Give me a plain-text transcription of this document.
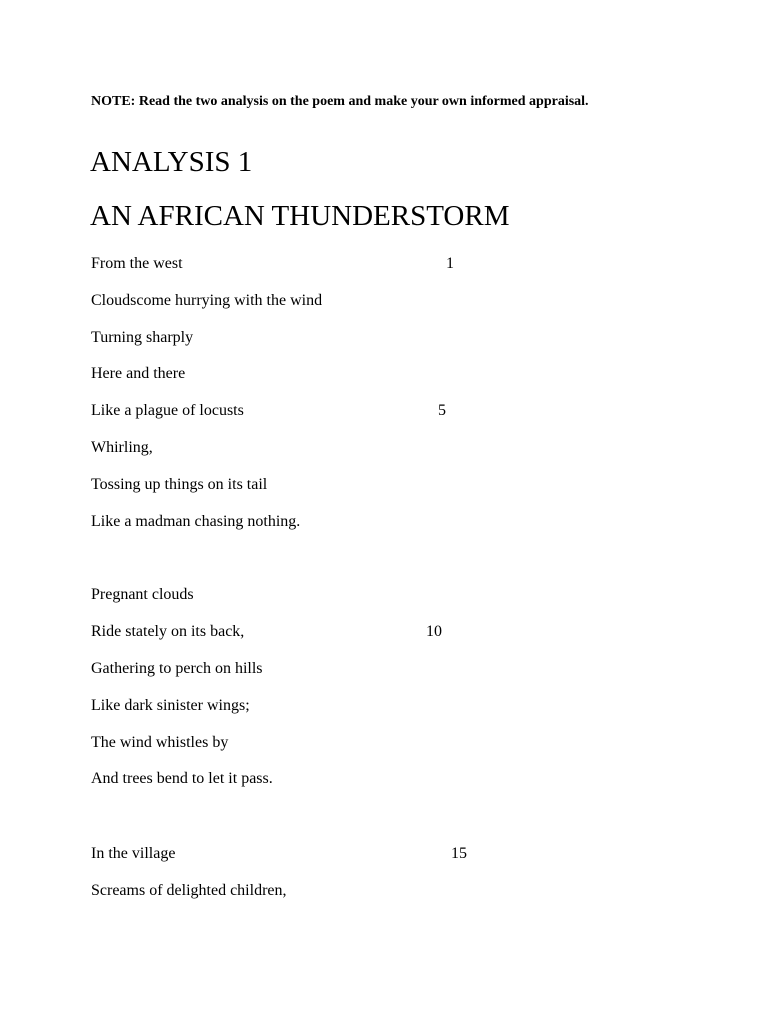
NOTE: Read the two analysis on the poem and make your own informed appraisal.
ANALYSIS 1
AN AFRICAN THUNDERSTORM
From the west	1
Cloudscome hurrying with the wind
Turning sharply
Here and there
Like a plague of locusts	5
Whirling,
Tossing up things on its tail
Like a madman chasing nothing.
Pregnant clouds
Ride stately on its back,	10
Gathering to perch on hills
Like dark sinister wings;
The wind whistles by
And trees bend to let it pass.
In the village	15
Screams of delighted children,
